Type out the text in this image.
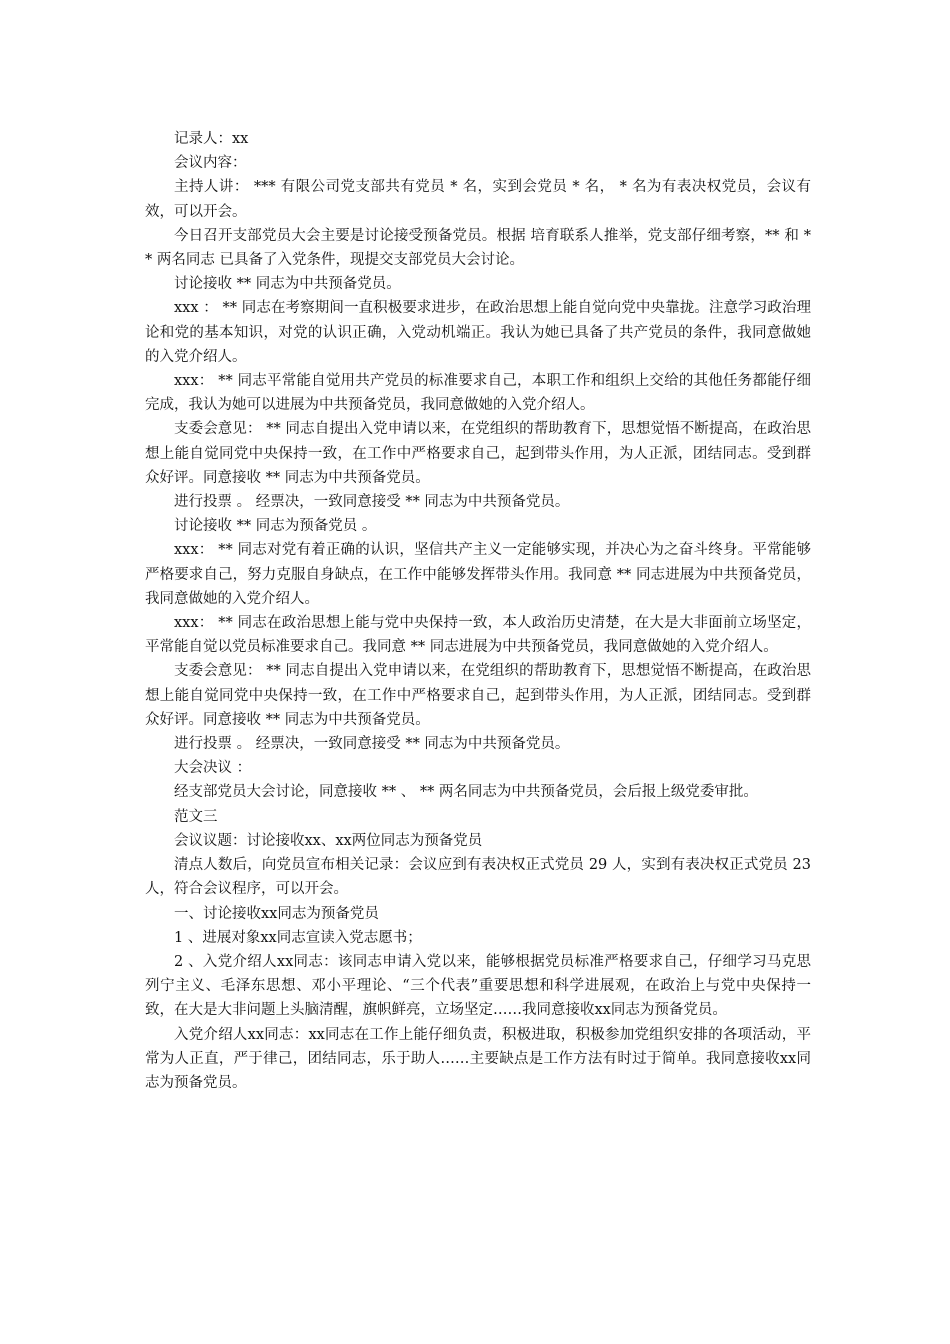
记录人：xx

会议内容：

主持人讲： *** 有限公司党支部共有党员 * 名，实到会党员 * 名， * 名为有表决权党员，会议有效，可以开会。

今日召开支部党员大会主要是讨论接受预备党员。根据 培育联系人推举，党支部仔细考察，** 和 ** 两名同志 已具备了入党条件，现提交支部党员大会讨论。

讨论接收 ** 同志为中共预备党员。

xxx ： ** 同志在考察期间一直积极要求进步，在政治思想上能自觉向党中央靠拢。注意学习政治理论和党的基本知识，对党的认识正确，入党动机端正。我认为她已具备了共产党员的条件，我同意做她的入党介绍人。

xxx： ** 同志平常能自觉用共产党员的标准要求自己，本职工作和组织上交给的其他任务都能仔细完成，我认为她可以进展为中共预备党员，我同意做她的入党介绍人。

支委会意见： ** 同志自提出入党申请以来，在党组织的帮助教育下，思想觉悟不断提高，在政治思想上能自觉同党中央保持一致，在工作中严格要求自己，起到带头作用，为人正派，团结同志。受到群众好评。同意接收 ** 同志为中共预备党员。

进行投票 。 经票决，一致同意接受 ** 同志为中共预备党员。

讨论接收 ** 同志为预备党员 。

xxx： ** 同志对党有着正确的认识，坚信共产主义一定能够实现，并决心为之奋斗终身。平常能够严格要求自己，努力克服自身缺点，在工作中能够发挥带头作用。我同意 ** 同志进展为中共预备党员，我同意做她的入党介绍人。

xxx： ** 同志在政治思想上能与党中央保持一致，本人政治历史清楚，在大是大非面前立场坚定，平常能自觉以党员标准要求自己。我同意 ** 同志进展为中共预备党员，我同意做她的入党介绍人。

支委会意见： ** 同志自提出入党申请以来，在党组织的帮助教育下，思想觉悟不断提高，在政治思想上能自觉同党中央保持一致，在工作中严格要求自己，起到带头作用，为人正派，团结同志。受到群众好评。同意接收 ** 同志为中共预备党员。

进行投票 。 经票决，一致同意接受 ** 同志为中共预备党员。

大会决议 ：

经支部党员大会讨论，同意接收 ** 、 ** 两名同志为中共预备党员，会后报上级党委审批。

范文三

会议议题：讨论接收xx、xx两位同志为预备党员

清点人数后，向党员宣布相关记录：会议应到有表决权正式党员 29 人，实到有表决权正式党员 23 人，符合会议程序，可以开会。

一、讨论接收xx同志为预备党员

1 、进展对象xx同志宣读入党志愿书；

2 、入党介绍人xx同志：该同志申请入党以来，能够根据党员标准严格要求自己，仔细学习马克思列宁主义、毛泽东思想、邓小平理论、“三个代表”重要思想和科学进展观，在政治上与党中央保持一致，在大是大非问题上头脑清醒，旗帜鲜亮，立场坚定……我同意接收xx同志为预备党员。

入党介绍人xx同志：xx同志在工作上能仔细负责，积极进取，积极参加党组织安排的各项活动，平常为人正直，严于律己，团结同志，乐于助人……主要缺点是工作方法有时过于简单。我同意接收xx同志为预备党员。
